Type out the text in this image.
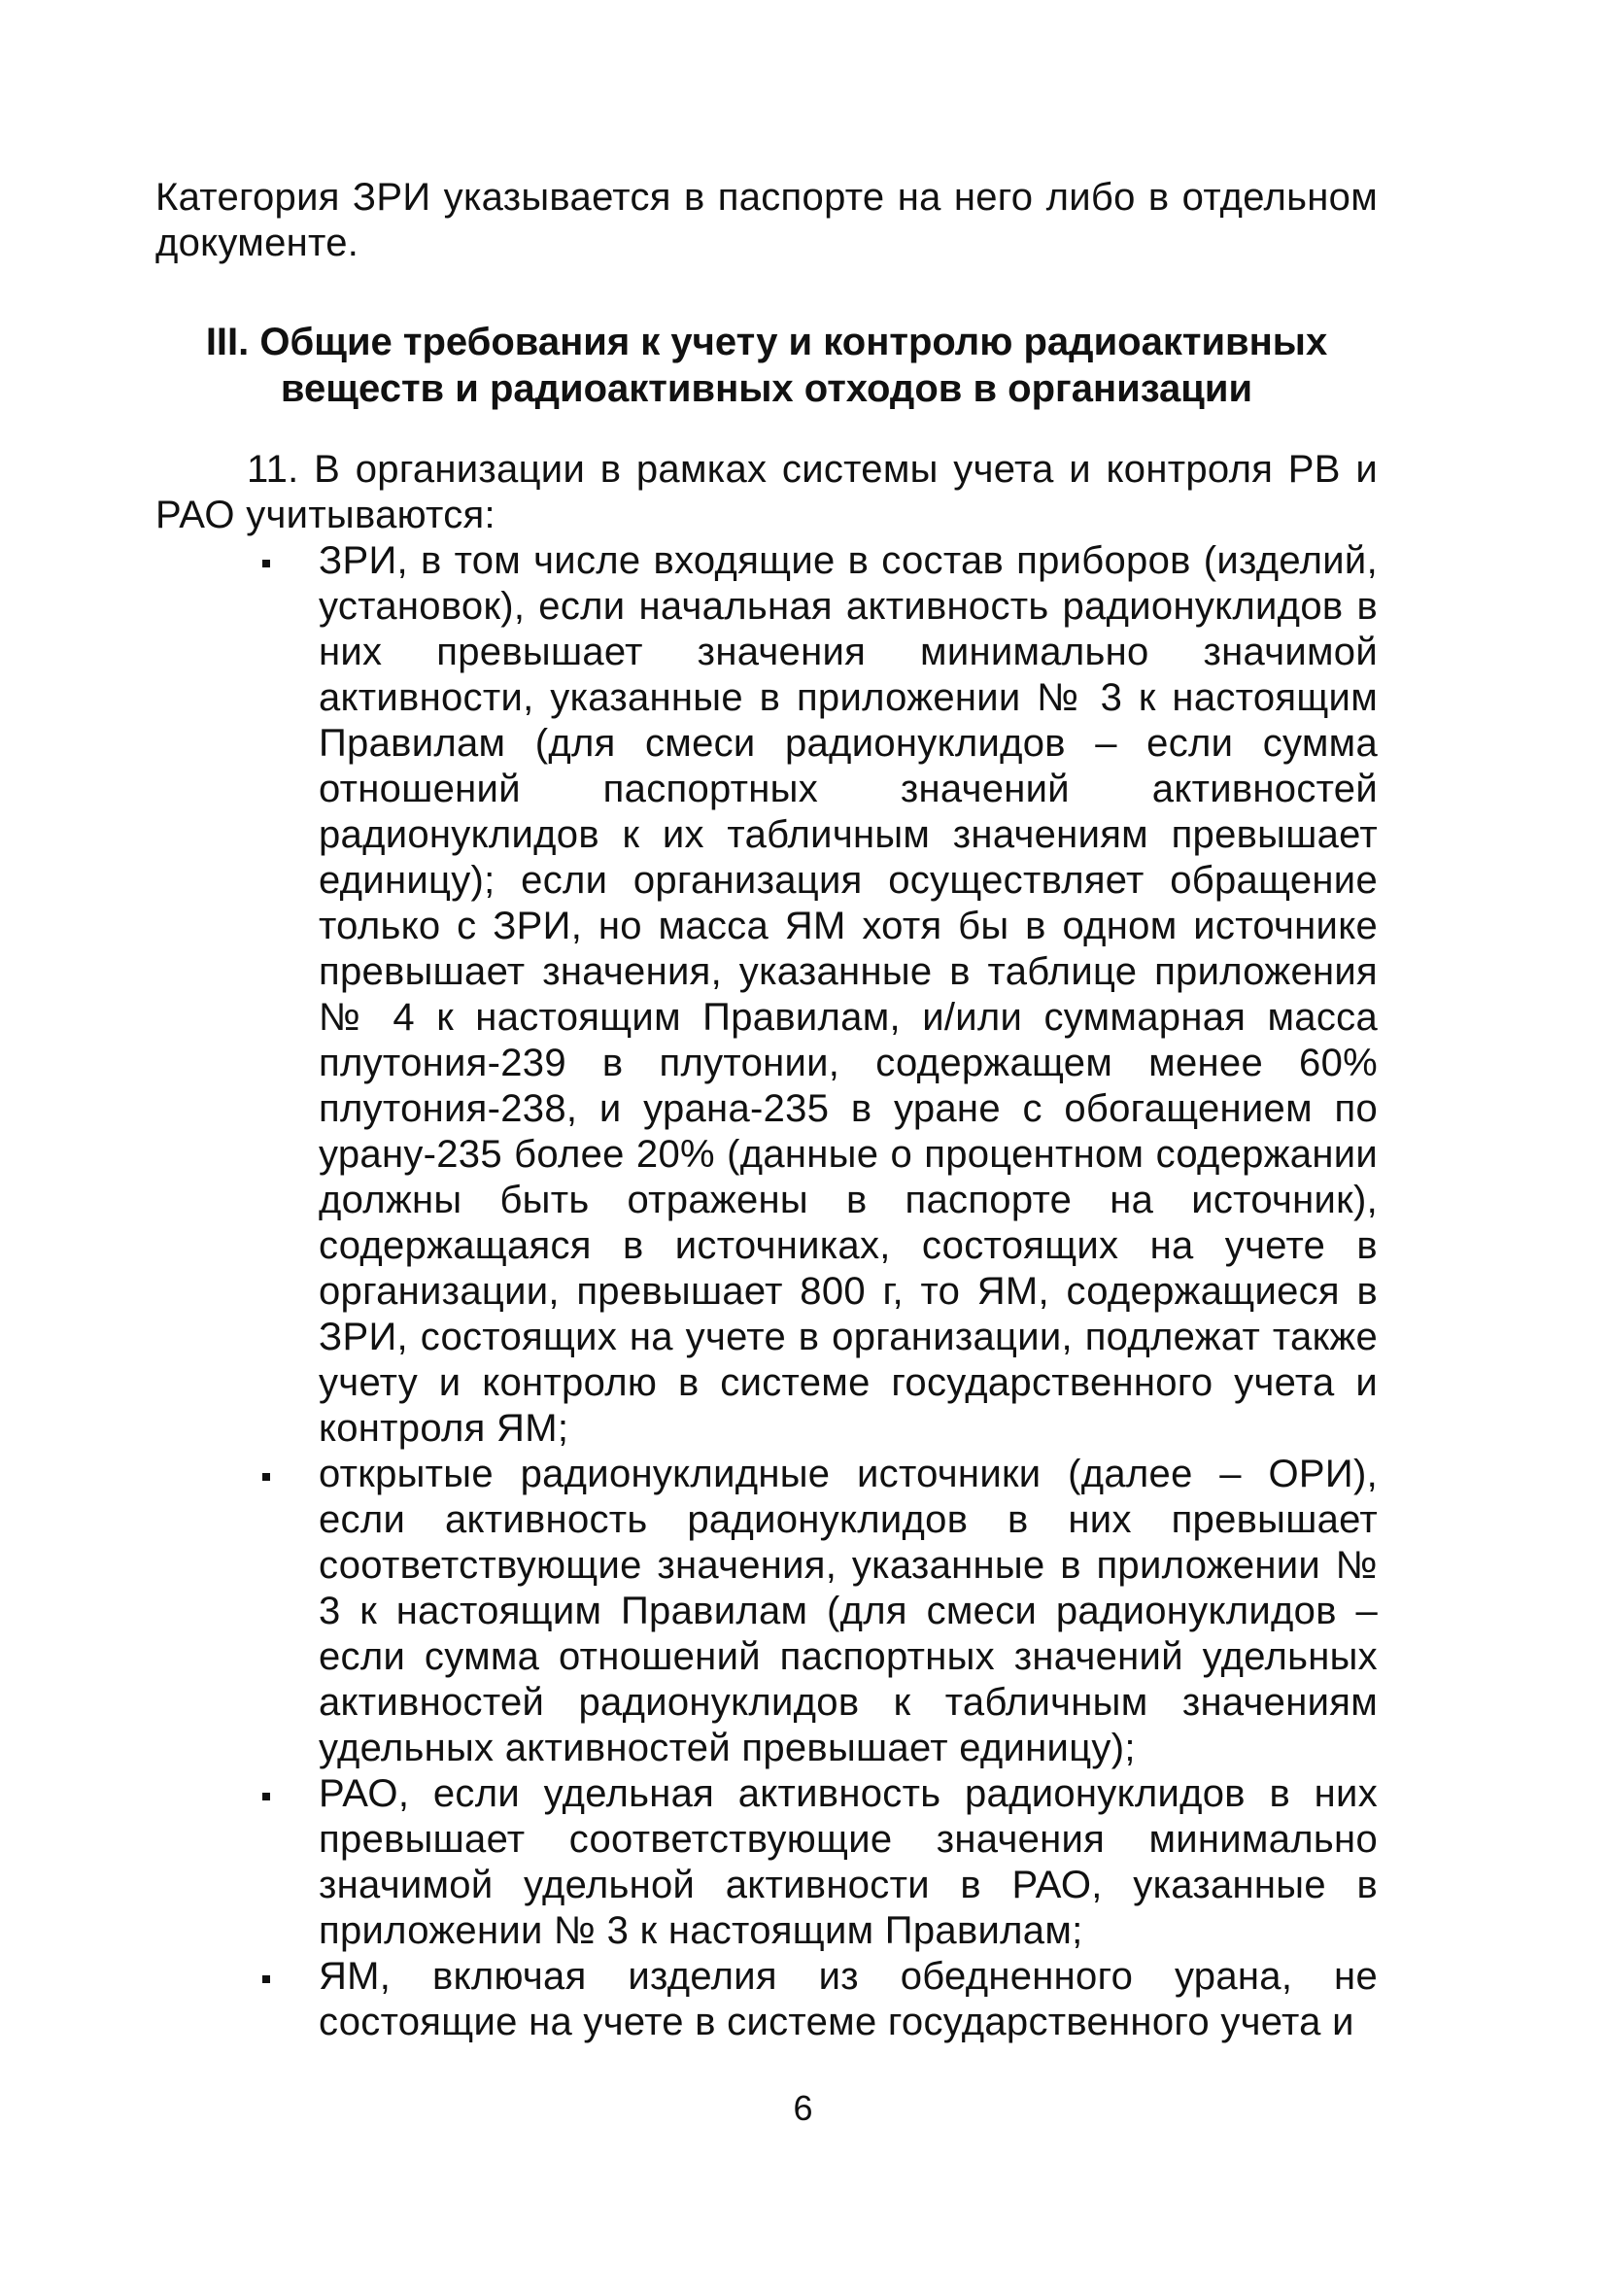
Категория ЗРИ указывается в паспорте на него либо в отдельном документе.
III. Общие требования к учету и контролю радиоактивных
веществ и радиоактивных отходов в организации
11. В организации в рамках системы учета и контроля РВ и РАО учитываются:
ЗРИ, в том числе входящие в состав приборов (изделий, установок), если начальная активность радионуклидов в них превышает значения минимально значимой активности, указанные в приложении № 3 к настоящим Правилам (для смеси радионуклидов – если сумма отношений паспортных значений активностей радионуклидов к их табличным значениям превышает единицу); если организация осуществляет обращение только с ЗРИ, но масса ЯМ хотя бы в одном источнике превышает значения, указанные в таблице приложения № 4 к настоящим Правилам, и/или суммарная масса плутония-239 в плутонии, содержащем менее 60% плутония-238, и урана-235 в уране с обогащением по урану-235 более 20% (данные о процентном содержании должны быть отражены в паспорте на источник), содержащаяся в источниках, состоящих на учете в организации, превышает 800 г, то ЯМ, содержащиеся в ЗРИ, состоящих на учете в организации, подлежат также учету и контролю в системе государственного учета и контроля ЯМ;
открытые радионуклидные источники (далее – ОРИ), если активность радионуклидов в них превышает соответствующие значения, указанные в приложении № 3 к настоящим Правилам (для смеси радионуклидов – если сумма отношений паспортных значений удельных активностей радионуклидов к табличным значениям удельных активностей превышает единицу);
РАО, если удельная активность радионуклидов в них превышает соответствующие значения минимально значимой удельной активности в РАО, указанные в приложении № 3 к настоящим Правилам;
ЯМ, включая изделия из обедненного урана, не состоящие на учете в системе государственного учета и
6
